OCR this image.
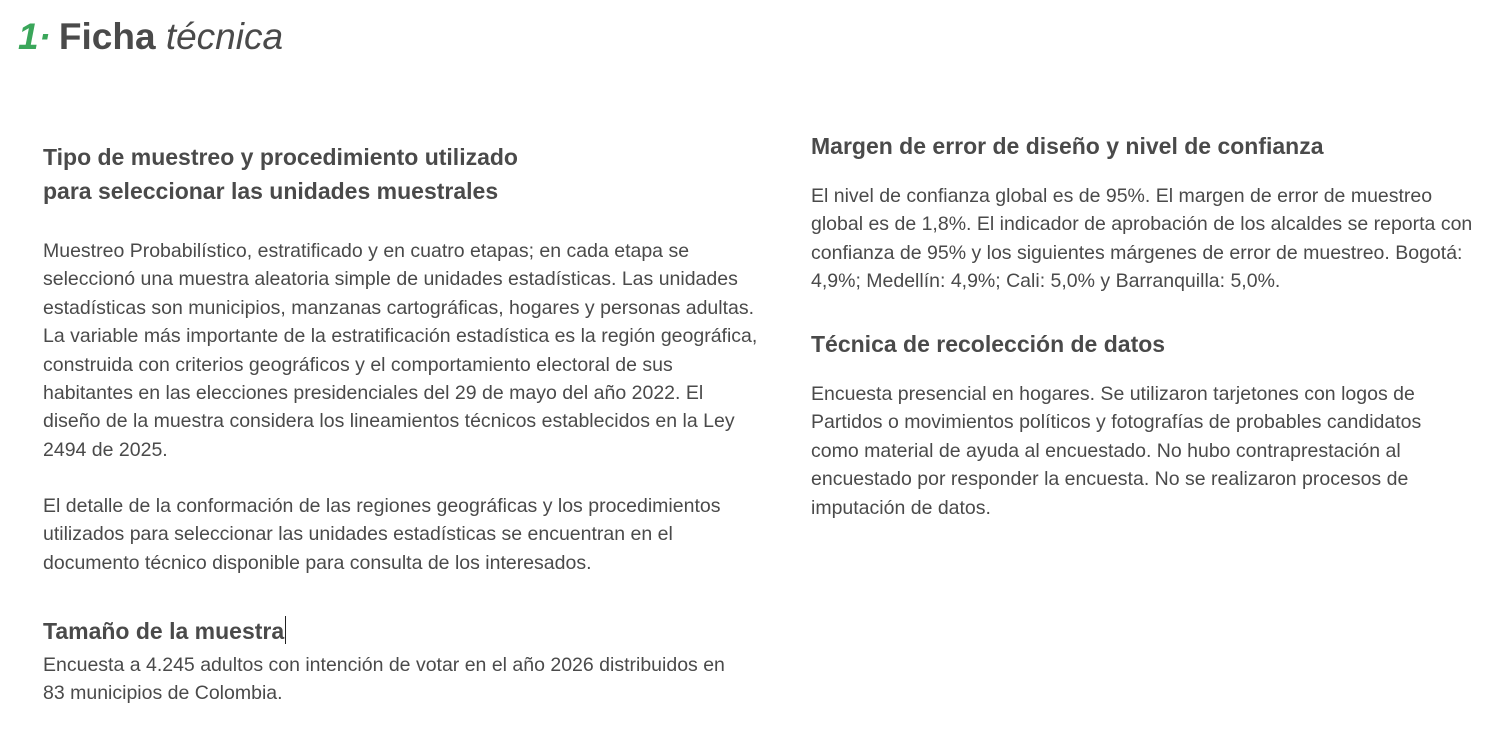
1· Ficha técnica
Tipo de muestreo y procedimiento utilizado
para seleccionar las unidades muestrales

Muestreo Probabilístico, estratificado y en cuatro etapas; en cada etapa se seleccionó una muestra aleatoria simple de unidades estadísticas. Las unidades estadísticas son municipios, manzanas cartográficas, hogares y personas adultas. La variable más importante de la estratificación estadística es la región geográfica, construida con criterios geográficos y el comportamiento electoral de sus habitantes en las elecciones presidenciales del 29 de mayo del año 2022. El diseño de la muestra considera los lineamientos técnicos establecidos en la Ley 2494 de 2025.

El detalle de la conformación de las regiones geográficas y los procedimientos utilizados para seleccionar las unidades estadísticas se encuentran en el documento técnico disponible para consulta de los interesados.

Tamaño de la muestra

Encuesta a 4.245 adultos con intención de votar en el año 2026 distribuidos en 83 municipios de Colombia.

Margen de error de diseño y nivel de confianza

El nivel de confianza global es de 95%. El margen de error de muestreo global es de 1,8%. El indicador de aprobación de los alcaldes se reporta con confianza de 95% y los siguientes márgenes de error de muestreo. Bogotá: 4,9%; Medellín: 4,9%; Cali: 5,0% y Barranquilla: 5,0%.

Técnica de recolección de datos

Encuesta presencial en hogares. Se utilizaron tarjetones con logos de Partidos o movimientos políticos y fotografías de probables candidatos como material de ayuda al encuestado. No hubo contraprestación al encuestado por responder la encuesta. No se realizaron procesos de imputación de datos.
